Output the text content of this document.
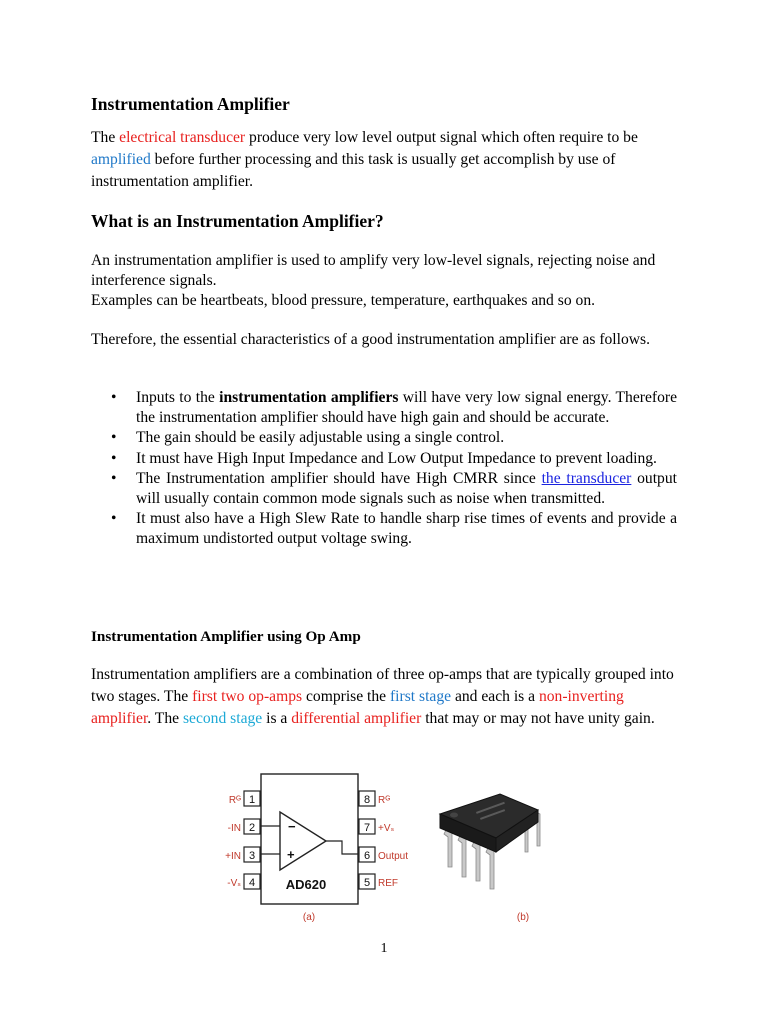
Instrumentation Amplifier
The electrical transducer produce very low level output signal which often require to be amplified before further processing and this task is usually get accomplish by use of instrumentation amplifier.
What is an Instrumentation Amplifier?
An instrumentation amplifier is used to amplify very low-level signals, rejecting noise and interference signals.
Examples can be heartbeats, blood pressure, temperature, earthquakes and so on.
Therefore, the essential characteristics of a good instrumentation amplifier are as follows.
• Inputs to the instrumentation amplifiers will have very low signal energy. Therefore the instrumentation amplifier should have high gain and should be accurate.
• The gain should be easily adjustable using a single control.
• It must have High Input Impedance and Low Output Impedance to prevent loading.
• The Instrumentation amplifier should have High CMRR since the transducer output will usually contain common mode signals such as noise when transmitted.
• It must also have a High Slew Rate to handle sharp rise times of events and provide a maximum undistorted output voltage swing.
Instrumentation Amplifier using Op Amp
Instrumentation amplifiers are a combination of three op-amps that are typically grouped into two stages. The first two op-amps comprise the first stage and each is a non-inverting amplifier. The second stage is a differential amplifier that may or may not have unity gain.
1
2
3
4
8
7
6
5
Rᴳ
-IN
+IN
-Vₛ
Rᴳ
+Vₛ
Output
REF
−
+
AD620
(a)	(b)
1
